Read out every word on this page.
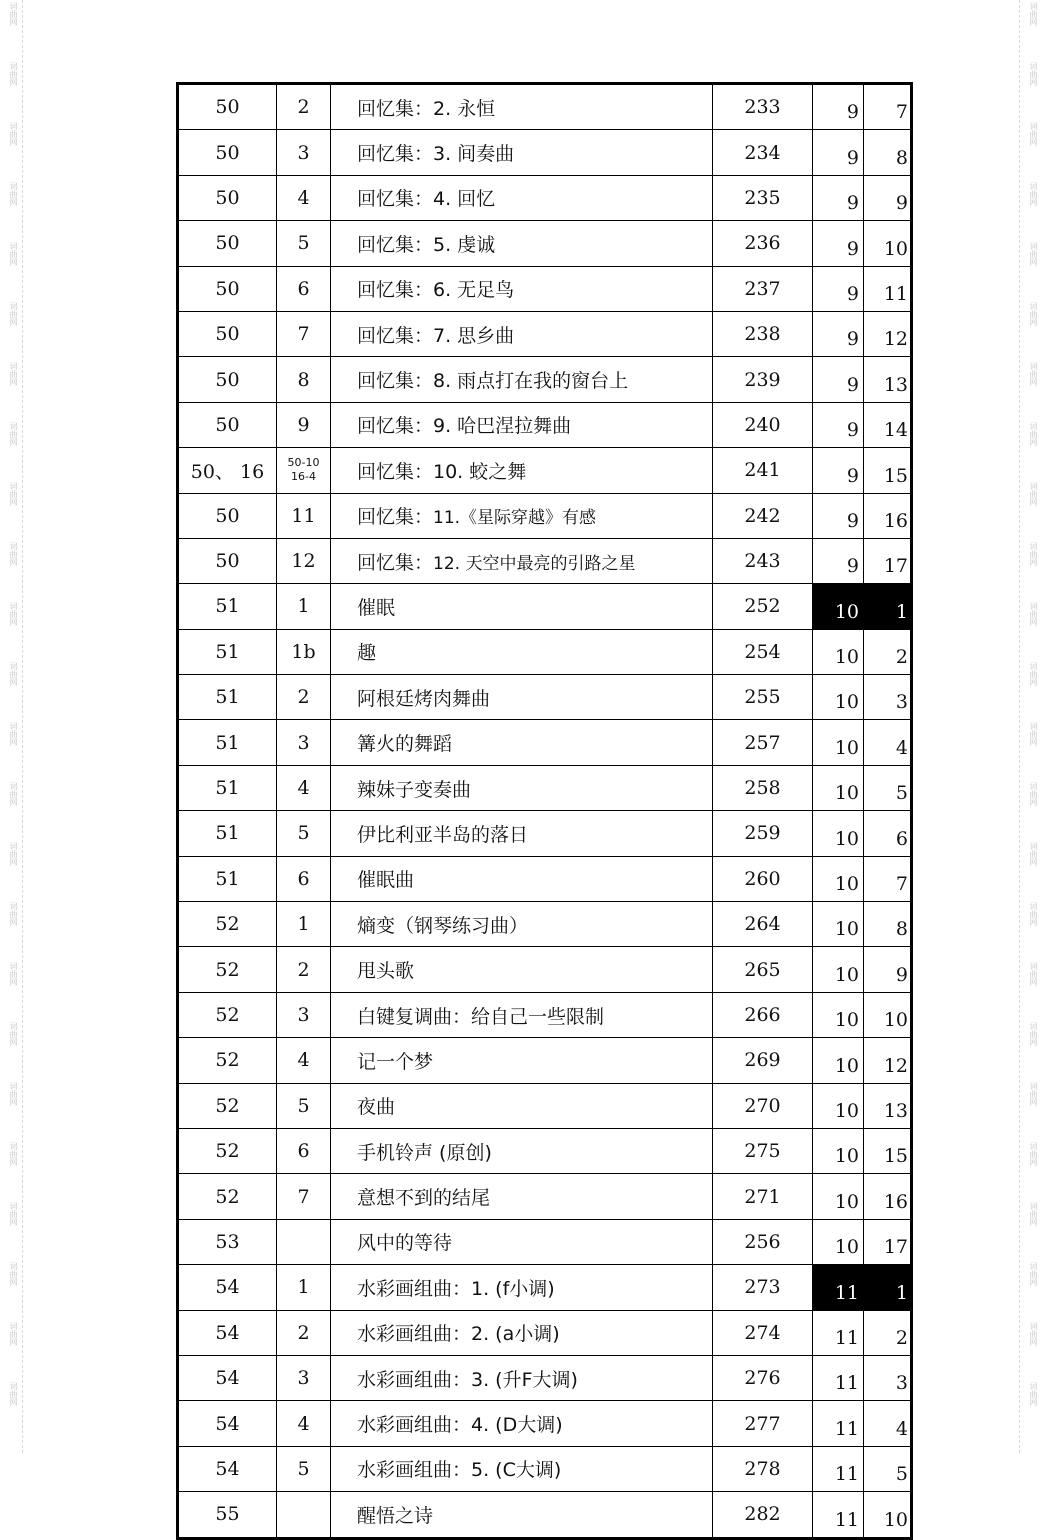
词曲网	词曲网
词曲网	词曲网
词曲网	词曲网
词曲网	词曲网
词曲网	词曲网
词曲网	词曲网
词曲网	词曲网
词曲网	词曲网
词曲网	词曲网
词曲网	词曲网
词曲网	词曲网
词曲网	词曲网
词曲网	词曲网
词曲网	词曲网
词曲网	词曲网
词曲网	词曲网
词曲网	词曲网
词曲网	词曲网
词曲网	词曲网
词曲网	词曲网
词曲网	词曲网
词曲网	词曲网
词曲网	词曲网
词曲网	词曲网
50	2	回忆集：2. 永恒	233	9	7
50	3	回忆集：3. 间奏曲	234	9	8
50	4	回忆集：4. 回忆	235	9	9
50	5	回忆集：5. 虔诚	236	9	10
50	6	回忆集：6. 无足鸟	237	9	11
50	7	回忆集：7. 思乡曲	238	9	12
50	8	回忆集：8. 雨点打在我的窗台上	239	9	13
50	9	回忆集：9. 哈巴涅拉舞曲	240	9	14
50、 16	50-10 16-4	回忆集：10. 蛟之舞	241	9	15
50	11	回忆集：11.《星际穿越》有感	242	9	16
50	12	回忆集：12. 天空中最亮的引路之星	243	9	17
51	1	催眠	252	10	1
51	1b	趣	254	10	2
51	2	阿根廷烤肉舞曲	255	10	3
51	3	篝火的舞蹈	257	10	4
51	4	辣妹子变奏曲	258	10	5
51	5	伊比利亚半岛的落日	259	10	6
51	6	催眠曲	260	10	7
52	1	熵变（钢琴练习曲）	264	10	8
52	2	甩头歌	265	10	9
52	3	白键复调曲：给自己一些限制	266	10	10
52	4	记一个梦	269	10	12
52	5	夜曲	270	10	13
52	6	手机铃声 (原创)	275	10	15
52	7	意想不到的结尾	271	10	16
53		风中的等待	256	10	17
54	1	水彩画组曲：1. (f小调)	273	11	1
54	2	水彩画组曲：2. (a小调)	274	11	2
54	3	水彩画组曲：3. (升F大调)	276	11	3
54	4	水彩画组曲：4. (D大调)	277	11	4
54	5	水彩画组曲：5. (C大调)	278	11	5
55		醒悟之诗	282	11	10
